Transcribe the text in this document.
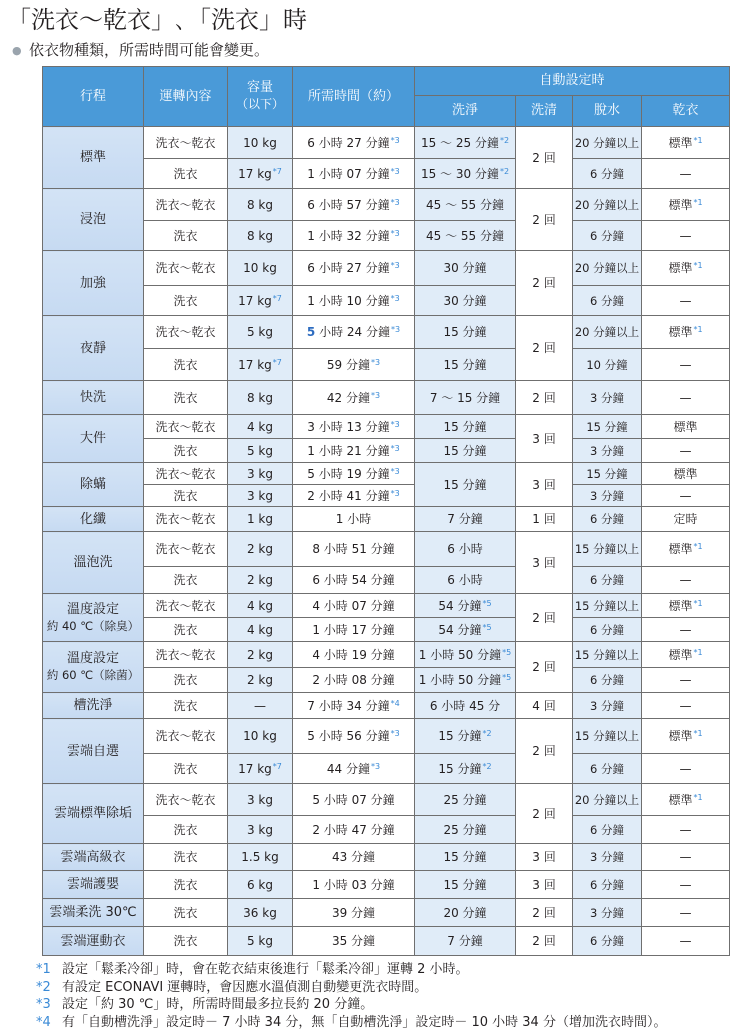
「洗衣～乾衣」､「洗衣」時
● 依衣物種類，所需時間可能會變更。
行程	運轉內容	容量
（以下）	所需時間（約）	自動設定時			
				洗淨	洗清	脫水	乾衣
標準	洗衣～乾衣	10 kg	6 小時 27 分鐘$^{*3}$	15 ～ 25 分鐘$^{*2}$	2 回	20 分鐘以上	標準$^{*1}$
	洗衣	17 kg$^{*7}$	1 小時 07 分鐘$^{*3}$	15 ～ 30 分鐘$^{*2}$		6 分鐘	—
浸泡	洗衣～乾衣	8 kg	6 小時 57 分鐘$^{*3}$	45 ～ 55 分鐘	2 回	20 分鐘以上	標準$^{*1}$
	洗衣	8 kg	1 小時 32 分鐘$^{*3}$	45 ～ 55 分鐘		6 分鐘	—
加強	洗衣～乾衣	10 kg	6 小時 27 分鐘$^{*3}$	30 分鐘	2 回	20 分鐘以上	標準$^{*1}$
	洗衣	17 kg$^{*7}$	1 小時 10 分鐘$^{*3}$	30 分鐘		6 分鐘	—
夜靜	洗衣～乾衣	5 kg	5 小時 24 分鐘$^{*3}$	15 分鐘	2 回	20 分鐘以上	標準$^{*1}$
	洗衣	17 kg$^{*7}$	59 分鐘$^{*3}$	15 分鐘		10 分鐘	—
快洗	洗衣	8 kg	42 分鐘$^{*3}$	7 ～ 15 分鐘	2 回	3 分鐘	—
大件	洗衣～乾衣	4 kg	3 小時 13 分鐘$^{*3}$	15 分鐘	3 回	15 分鐘	標準
	洗衣	5 kg	1 小時 21 分鐘$^{*3}$	15 分鐘		3 分鐘	—
除蟎	洗衣～乾衣	3 kg	5 小時 19 分鐘$^{*3}$	15 分鐘	3 回	15 分鐘	標準
	洗衣	3 kg	2 小時 41 分鐘$^{*3}$			3 分鐘	—
化纖	洗衣～乾衣	1 kg	1 小時	7 分鐘	1 回	6 分鐘	定時
溫泡洗	洗衣～乾衣	2 kg	8 小時 51 分鐘	6 小時	3 回	15 分鐘以上	標準$^{*1}$
	洗衣	2 kg	6 小時 54 分鐘	6 小時		6 分鐘	—
溫度設定
約 40 ℃（除臭）	洗衣～乾衣	4 kg	4 小時 07 分鐘	54 分鐘$^{*5}$	2 回	15 分鐘以上	標準$^{*1}$
	洗衣	4 kg	1 小時 17 分鐘	54 分鐘$^{*5}$		6 分鐘	—
溫度設定
約 60 ℃（除菌）	洗衣～乾衣	2 kg	4 小時 19 分鐘	1 小時 50 分鐘$^{*5}$	2 回	15 分鐘以上	標準$^{*1}$
	洗衣	2 kg	2 小時 08 分鐘	1 小時 50 分鐘$^{*5}$		6 分鐘	—
槽洗淨	洗衣	—	7 小時 34 分鐘$^{*4}$	6 小時 45 分	4 回	3 分鐘	—
雲端自選	洗衣～乾衣	10 kg	5 小時 56 分鐘$^{*3}$	15 分鐘$^{*2}$	2 回	15 分鐘以上	標準$^{*1}$
	洗衣	17 kg$^{*7}$	44 分鐘$^{*3}$	15 分鐘$^{*2}$		6 分鐘	—
雲端標準除垢	洗衣～乾衣	3 kg	5 小時 07 分鐘	25 分鐘	2 回	20 分鐘以上	標準$^{*1}$
	洗衣	3 kg	2 小時 47 分鐘	25 分鐘		6 分鐘	—
雲端高級衣	洗衣	1.5 kg	43 分鐘	15 分鐘	3 回	3 分鐘	—
雲端護嬰	洗衣	6 kg	1 小時 03 分鐘	15 分鐘	3 回	6 分鐘	—
雲端柔洗 30℃	洗衣	36 kg	39 分鐘	20 分鐘	2 回	3 分鐘	—
雲端運動衣	洗衣	5 kg	35 分鐘	7 分鐘	2 回	6 分鐘	—
*1 設定「鬆柔冷卻」時，會在乾衣結束後進行「鬆柔冷卻」運轉 2 小時。
*2 有設定 ECONAVI 運轉時，會因應水溫偵測自動變更洗衣時間。
*3 設定「約 30 ℃」時，所需時間最多拉長約 20 分鐘。
*4 有「自動槽洗淨」設定時－ 7 小時 34 分，無「自動槽洗淨」設定時－ 10 小時 34 分（增加洗衣時間）。
